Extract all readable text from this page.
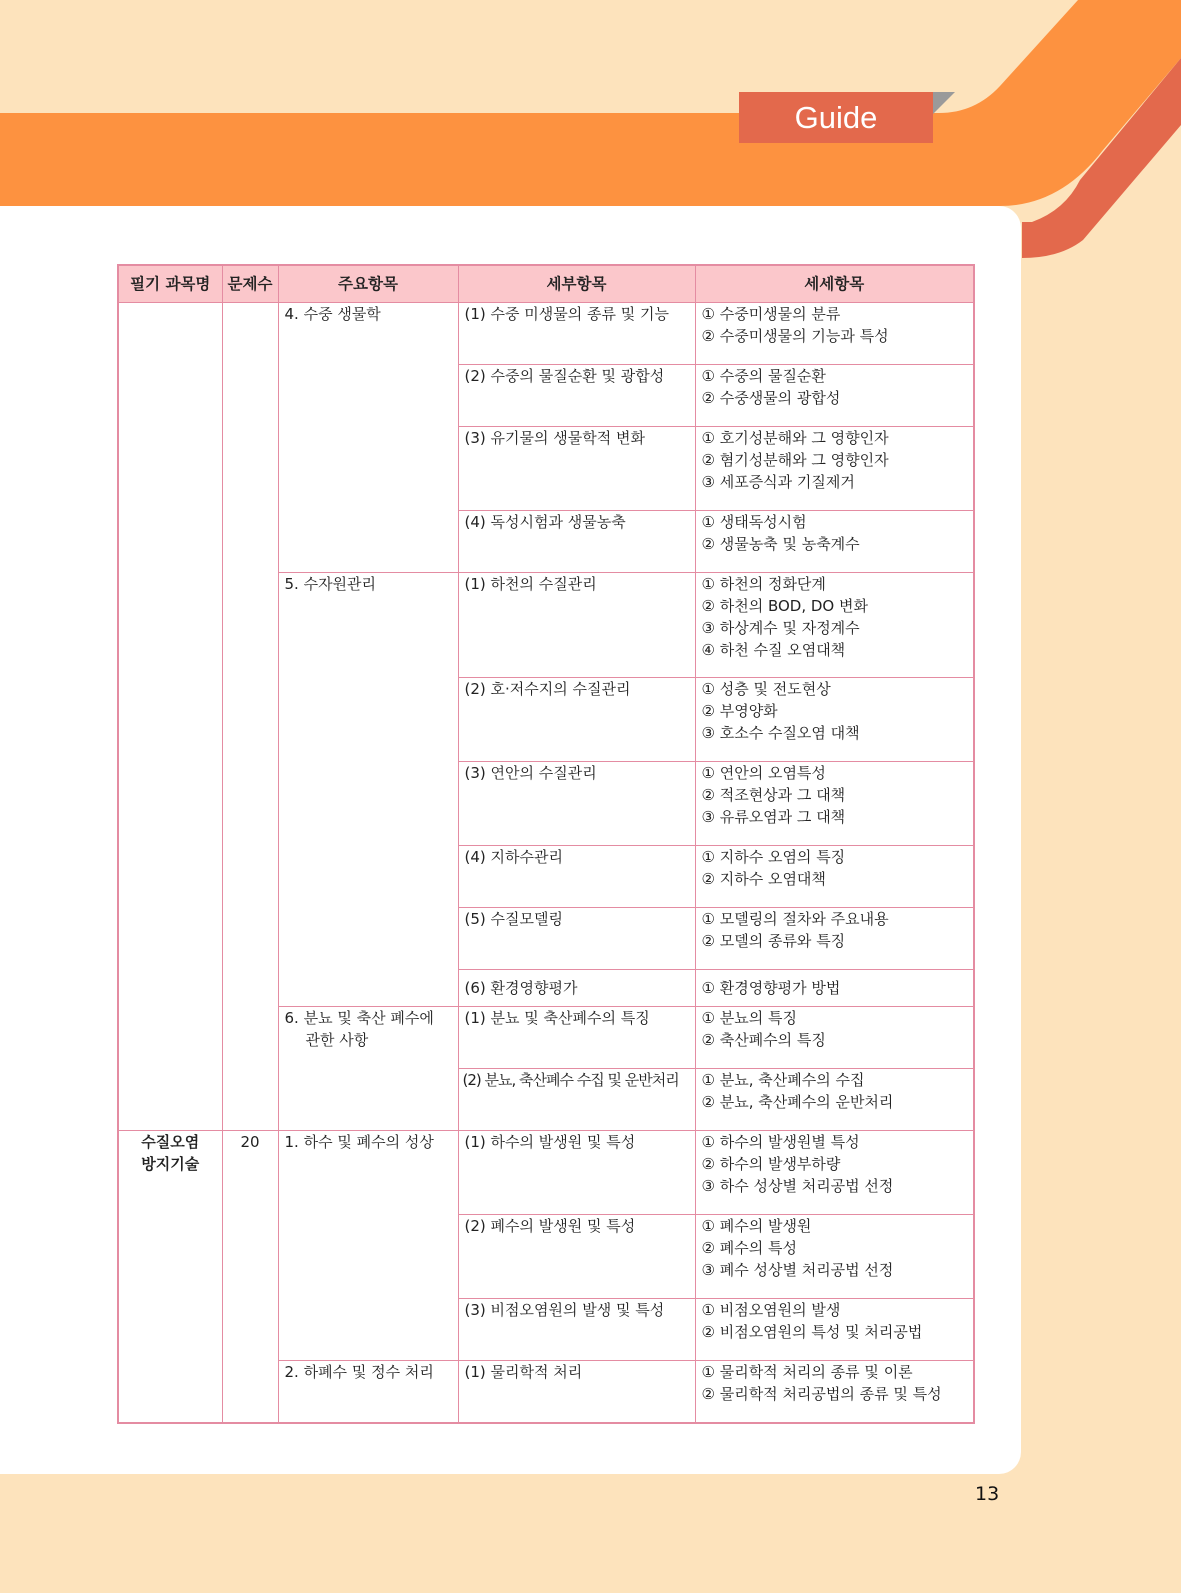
Guide
필기 과목명	문제수	주요항목	세부항목	세세항목
		4. 수중 생물학	(1) 수중 미생물의 종류 및 기능	① 수중미생물의 분류
② 수중미생물의 기능과 특성

			(2) 수중의 물질순환 및 광합성	① 수중의 물질순환
② 수중생물의 광합성

			(3) 유기물의 생물학적 변화	① 호기성분해와 그 영향인자
② 혐기성분해와 그 영향인자
③ 세포증식과 기질제거

			(4) 독성시험과 생물농축	① 생태독성시험
② 생물농축 및 농축계수

		5. 수자원관리	(1) 하천의 수질관리	① 하천의 정화단계
② 하천의 BOD, DO 변화
③ 하상계수 및 자정계수
④ 하천 수질 오염대책

			(2) 호·저수지의 수질관리	① 성층 및 전도현상
② 부영양화
③ 호소수 수질오염 대책

			(3) 연안의 수질관리	① 연안의 오염특성
② 적조현상과 그 대책
③ 유류오염과 그 대책

			(4) 지하수관리	① 지하수 오염의 특징
② 지하수 오염대책

			(5) 수질모델링	① 모델링의 절차와 주요내용
② 모델의 종류와 특징

			(6) 환경영향평가	① 환경영향평가 방법

		6. 분뇨 및 축산 폐수에
관한 사항	(1) 분뇨 및 축산폐수의 특징	① 분뇨의 특징
② 축산폐수의 특징

			(2) 분뇨, 축산폐수 수집 및 운반처리	① 분뇨, 축산폐수의 수집
② 분뇨, 축산폐수의 운반처리

수질오염
방지기술	20	1. 하수 및 폐수의 성상	(1) 하수의 발생원 및 특성	① 하수의 발생원별 특성
② 하수의 발생부하량
③ 하수 성상별 처리공법 선정

			(2) 폐수의 발생원 및 특성	① 폐수의 발생원
② 폐수의 특성
③ 폐수 성상별 처리공법 선정

			(3) 비점오염원의 발생 및 특성	① 비점오염원의 발생
② 비점오염원의 특성 및 처리공법

		2. 하폐수 및 정수 처리	(1) 물리학적 처리	① 물리학적 처리의 종류 및 이론
② 물리학적 처리공법의 종류 및 특성
13
